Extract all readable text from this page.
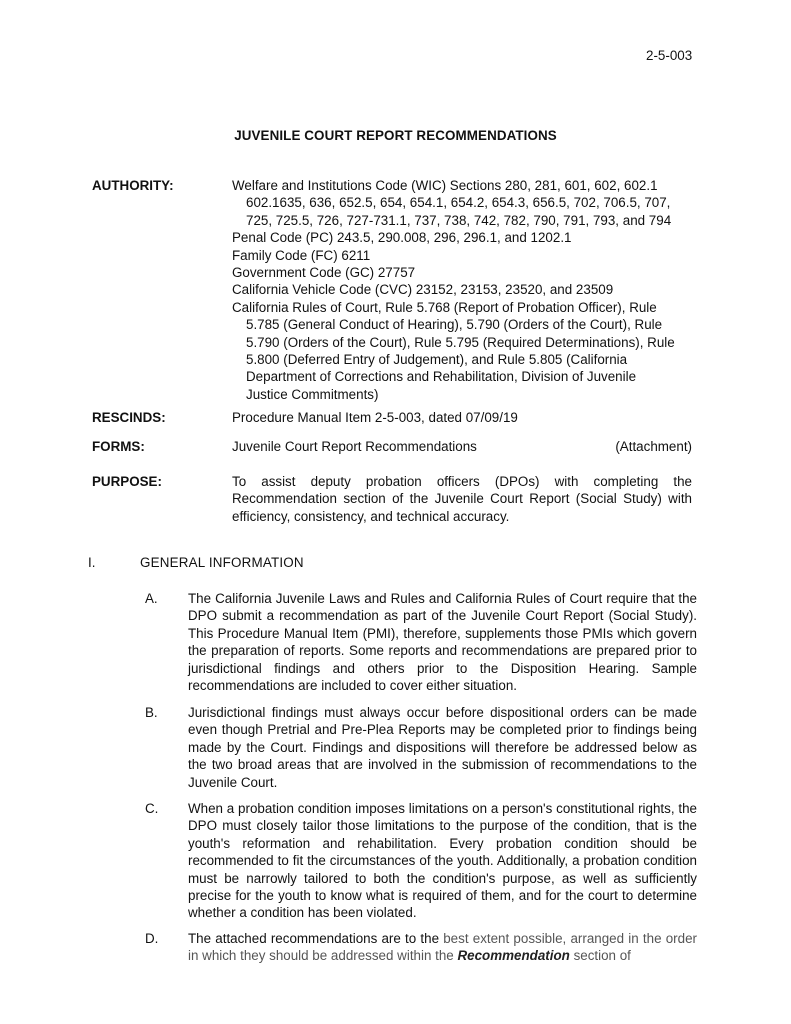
2-5-003
JUVENILE COURT REPORT RECOMMENDATIONS
AUTHORITY:	Welfare and Institutions Code (WIC) Sections 280, 281, 601, 602, 602.1
602.1635, 636, 652.5, 654, 654.1, 654.2, 654.3, 656.5, 702, 706.5, 707,
725, 725.5, 726, 727-731.1, 737, 738, 742, 782, 790, 791, 793, and 794
Penal Code (PC) 243.5, 290.008, 296, 296.1, and 1202.1
Family Code (FC) 6211
Government Code (GC) 27757
California Vehicle Code (CVC) 23152, 23153, 23520, and 23509
California Rules of Court, Rule 5.768 (Report of Probation Officer), Rule
5.785 (General Conduct of Hearing), 5.790 (Orders of the Court), Rule
5.790 (Orders of the Court), Rule 5.795 (Required Determinations), Rule
5.800 (Deferred Entry of Judgement), and Rule 5.805 (California
Department of Corrections and Rehabilitation, Division of Juvenile
Justice Commitments)
RESCINDS:	Procedure Manual Item 2-5-003, dated 07/09/19
FORMS:	Juvenile Court Report Recommendations	(Attachment)
PURPOSE:	To assist deputy probation officers (DPOs) with completing the Recommendation section of the Juvenile Court Report (Social Study) with efficiency, consistency, and technical accuracy.
I.	GENERAL INFORMATION
A. The California Juvenile Laws and Rules and California Rules of Court require that the DPO submit a recommendation as part of the Juvenile Court Report (Social Study). This Procedure Manual Item (PMI), therefore, supplements those PMIs which govern the preparation of reports. Some reports and recommendations are prepared prior to jurisdictional findings and others prior to the Disposition Hearing. Sample recommendations are included to cover either situation.
B. Jurisdictional findings must always occur before dispositional orders can be made even though Pretrial and Pre-Plea Reports may be completed prior to findings being made by the Court. Findings and dispositions will therefore be addressed below as the two broad areas that are involved in the submission of recommendations to the Juvenile Court.
C. When a probation condition imposes limitations on a person's constitutional rights, the DPO must closely tailor those limitations to the purpose of the condition, that is the youth's reformation and rehabilitation. Every probation condition should be recommended to fit the circumstances of the youth. Additionally, a probation condition must be narrowly tailored to both the condition's purpose, as well as sufficiently precise for the youth to know what is required of them, and for the court to determine whether a condition has been violated.
D. The attached recommendations are to the best extent possible, arranged in the order in which they should be addressed within the Recommendation section of
